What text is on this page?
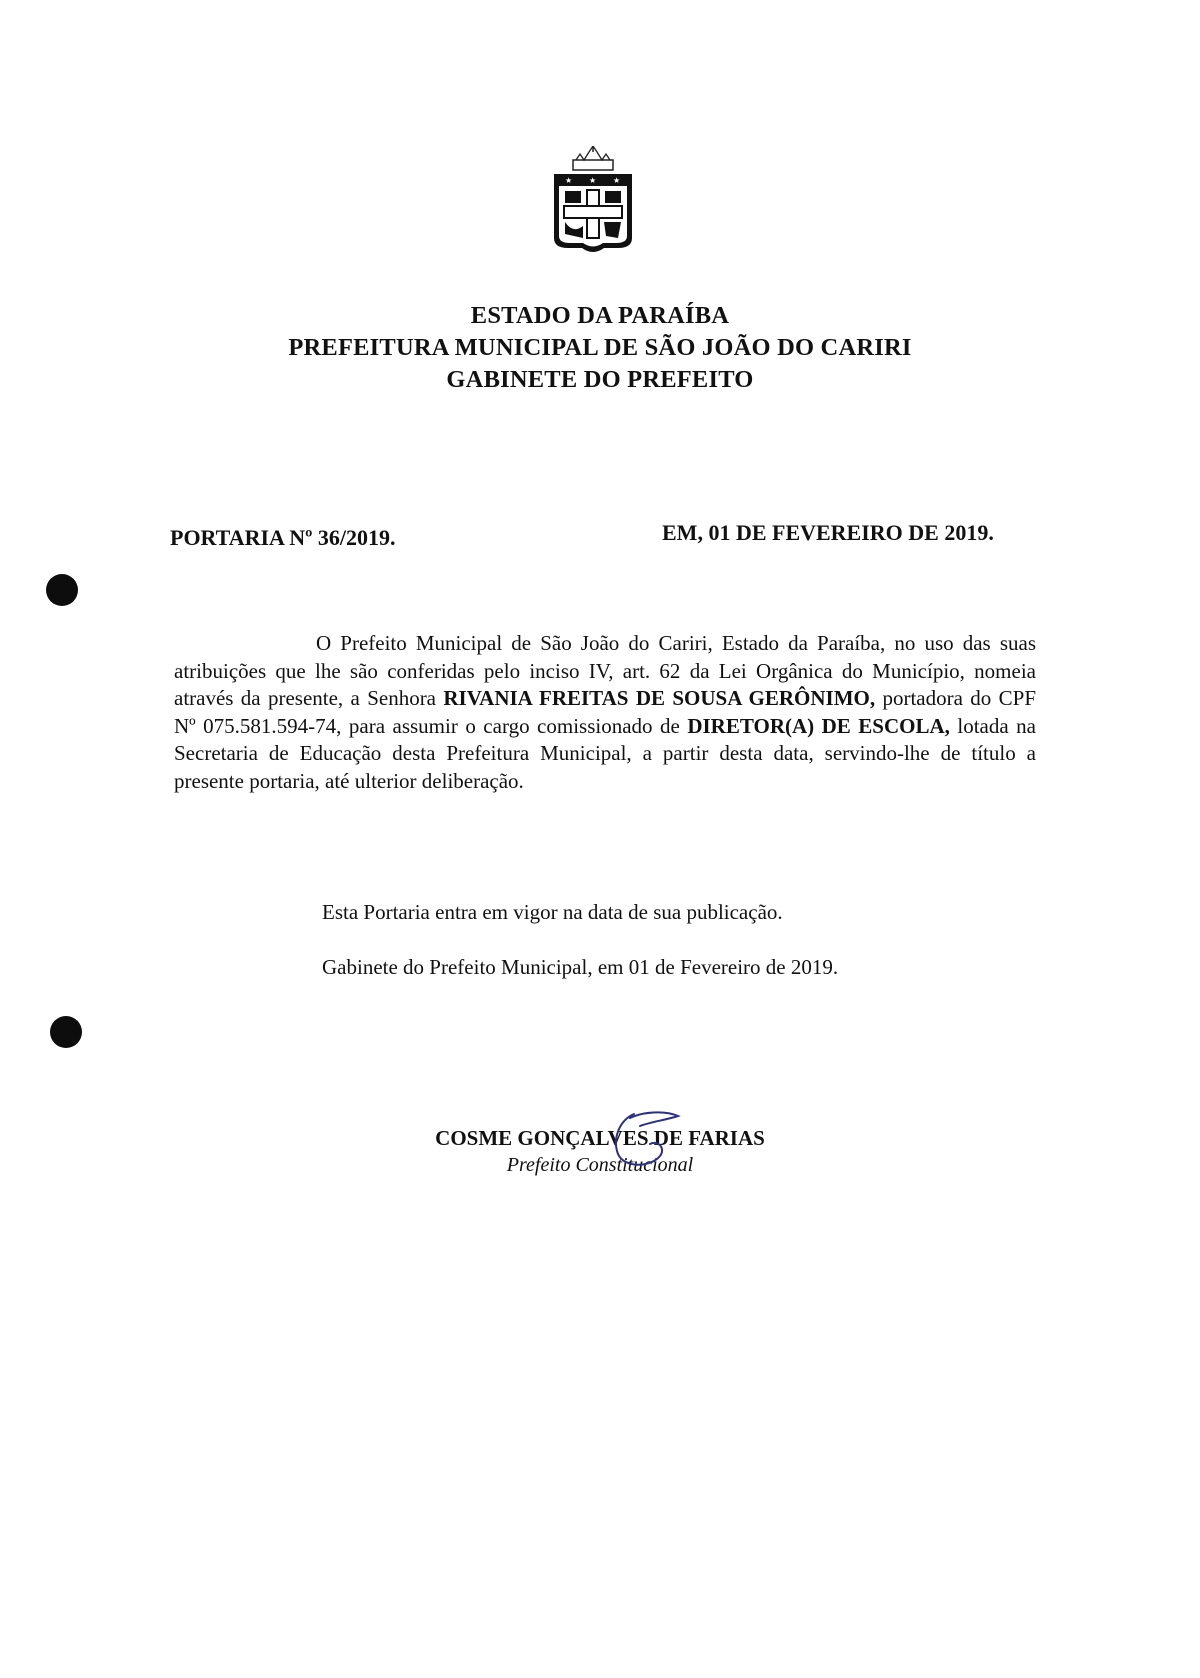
★ ★ ★
ESTADO DA PARAÍBA
PREFEITURA MUNICIPAL DE SÃO JOÃO DO CARIRI
GABINETE DO PREFEITO
PORTARIA Nº 36/2019.	EM, 01 DE FEVEREIRO DE 2019.
O Prefeito Municipal de São João do Cariri, Estado da Paraíba, no uso das suas atribuições que lhe são conferidas pelo inciso IV, art. 62 da Lei Orgânica do Município, nomeia através da presente, a Senhora RIVANIA FREITAS DE SOUSA GERÔNIMO, portadora do CPF Nº 075.581.594-74, para assumir o cargo comissionado de DIRETOR(A) DE ESCOLA, lotada na Secretaria de Educação desta Prefeitura Municipal, a partir desta data, servindo-lhe de título a presente portaria, até ulterior deliberação.
Esta Portaria entra em vigor na data de sua publicação.
Gabinete do Prefeito Municipal, em 01 de Fevereiro de 2019.
COSME GONÇALVES DE FARIAS
Prefeito Constitucional
